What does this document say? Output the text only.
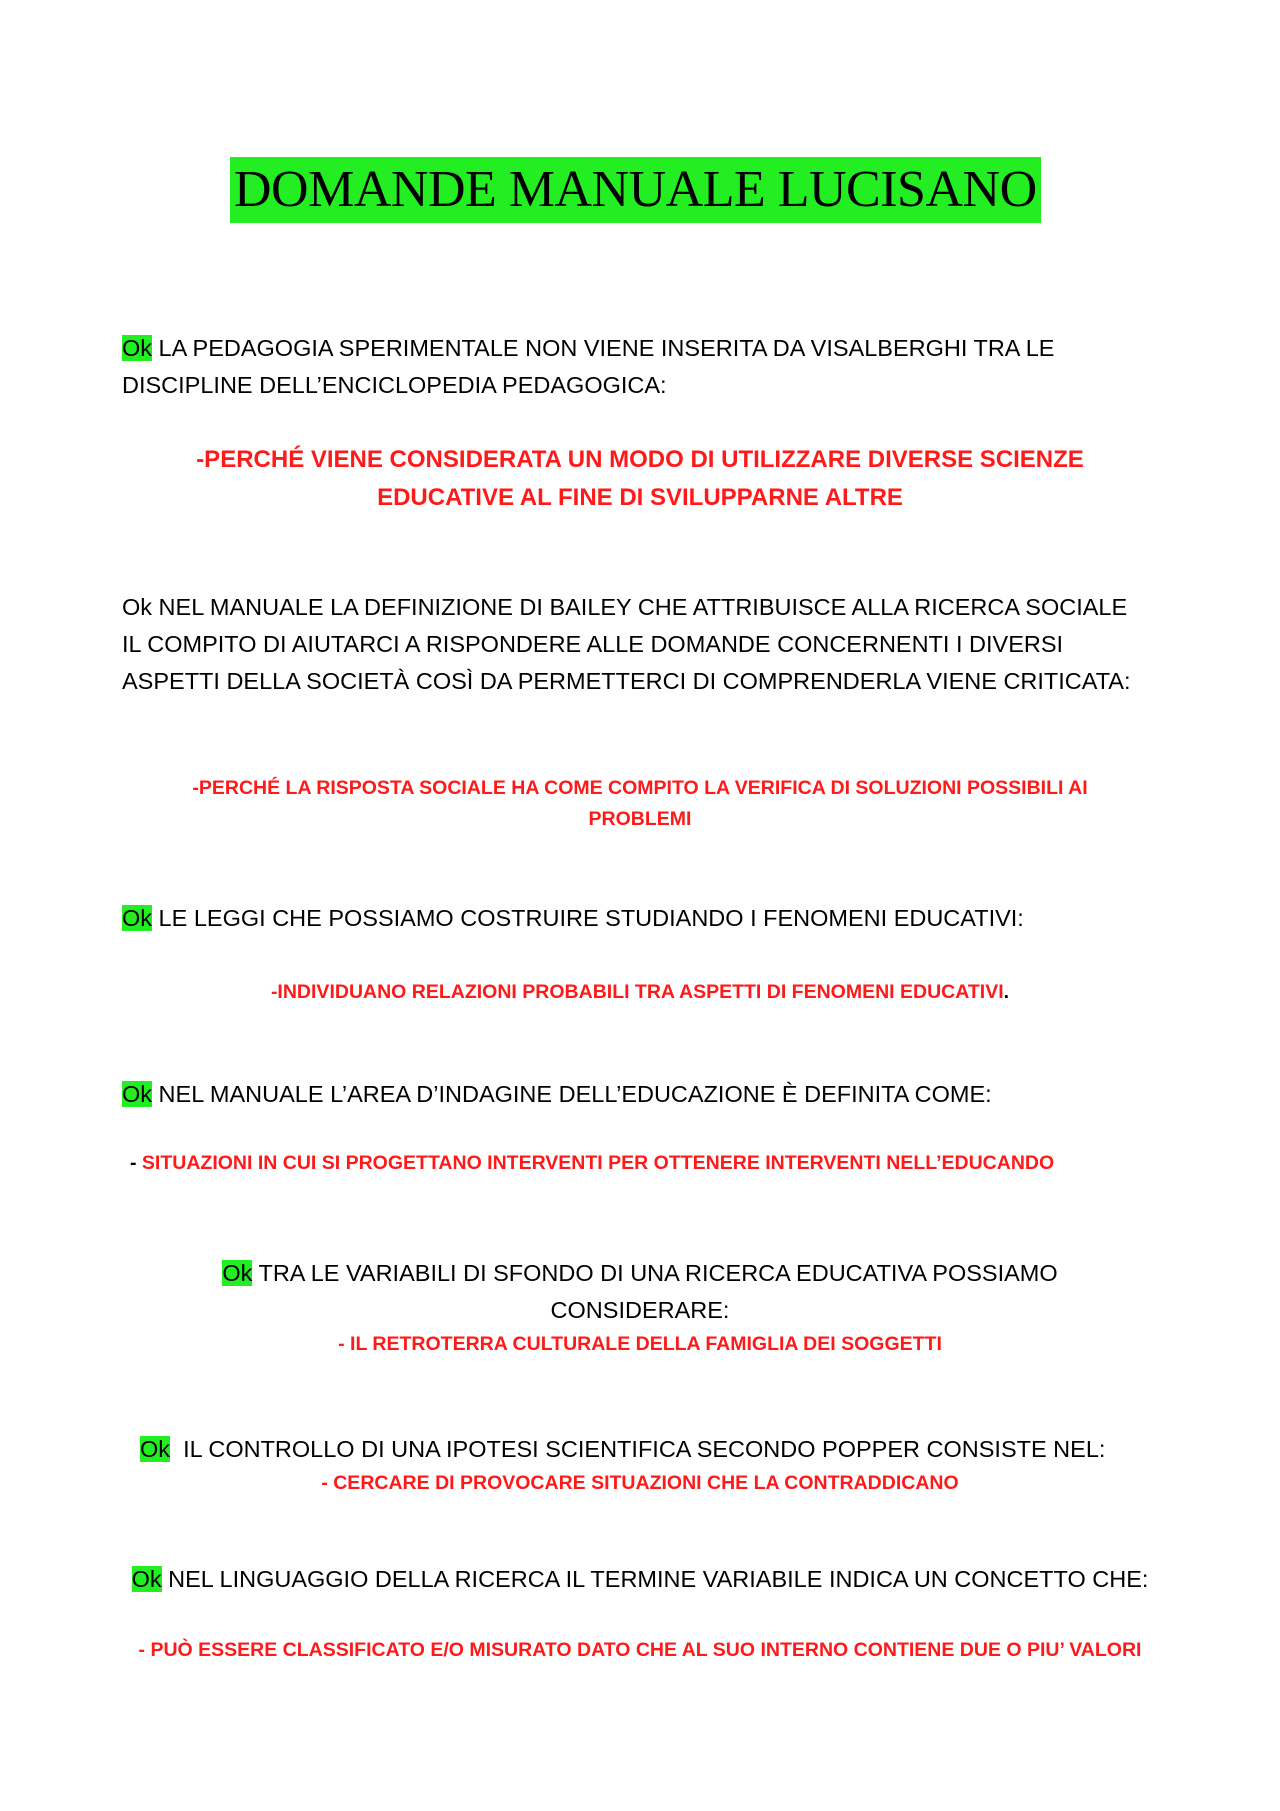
DOMANDE MANUALE LUCISANO
Ok LA PEDAGOGIA SPERIMENTALE NON VIENE INSERITA DA VISALBERGHI TRA LE DISCIPLINE DELL’ENCICLOPEDIA PEDAGOGICA:
-PERCHÉ VIENE CONSIDERATA UN MODO DI UTILIZZARE DIVERSE SCIENZE EDUCATIVE AL FINE DI SVILUPPARNE ALTRE
Ok NEL MANUALE LA DEFINIZIONE DI BAILEY CHE ATTRIBUISCE ALLA RICERCA SOCIALE IL COMPITO DI AIUTARCI A RISPONDERE ALLE DOMANDE CONCERNENTI I DIVERSI ASPETTI DELLA SOCIETÀ COSÌ DA PERMETTERCI DI COMPRENDERLA VIENE CRITICATA:
-PERCHÉ LA RISPOSTA SOCIALE HA COME COMPITO LA VERIFICA DI SOLUZIONI POSSIBILI AI PROBLEMI
Ok LE LEGGI CHE POSSIAMO COSTRUIRE STUDIANDO I FENOMENI EDUCATIVI:
-INDIVIDUANO RELAZIONI PROBABILI TRA ASPETTI DI FENOMENI EDUCATIVI.
Ok NEL MANUALE L’AREA D’INDAGINE DELL’EDUCAZIONE È DEFINITA COME:
- SITUAZIONI IN CUI SI PROGETTANO INTERVENTI PER OTTENERE INTERVENTI NELL’EDUCANDO
Ok TRA LE VARIABILI DI SFONDO DI UNA RICERCA EDUCATIVA POSSIAMO CONSIDERARE:
- IL RETROTERRA CULTURALE DELLA FAMIGLIA DEI SOGGETTI
Ok  IL CONTROLLO DI UNA IPOTESI SCIENTIFICA SECONDO POPPER CONSISTE NEL:
- CERCARE DI PROVOCARE SITUAZIONI CHE LA CONTRADDICANO
Ok NEL LINGUAGGIO DELLA RICERCA IL TERMINE VARIABILE INDICA UN CONCETTO CHE:
- PUÒ ESSERE CLASSIFICATO E/O MISURATO DATO CHE AL SUO INTERNO CONTIENE DUE O PIU’ VALORI
